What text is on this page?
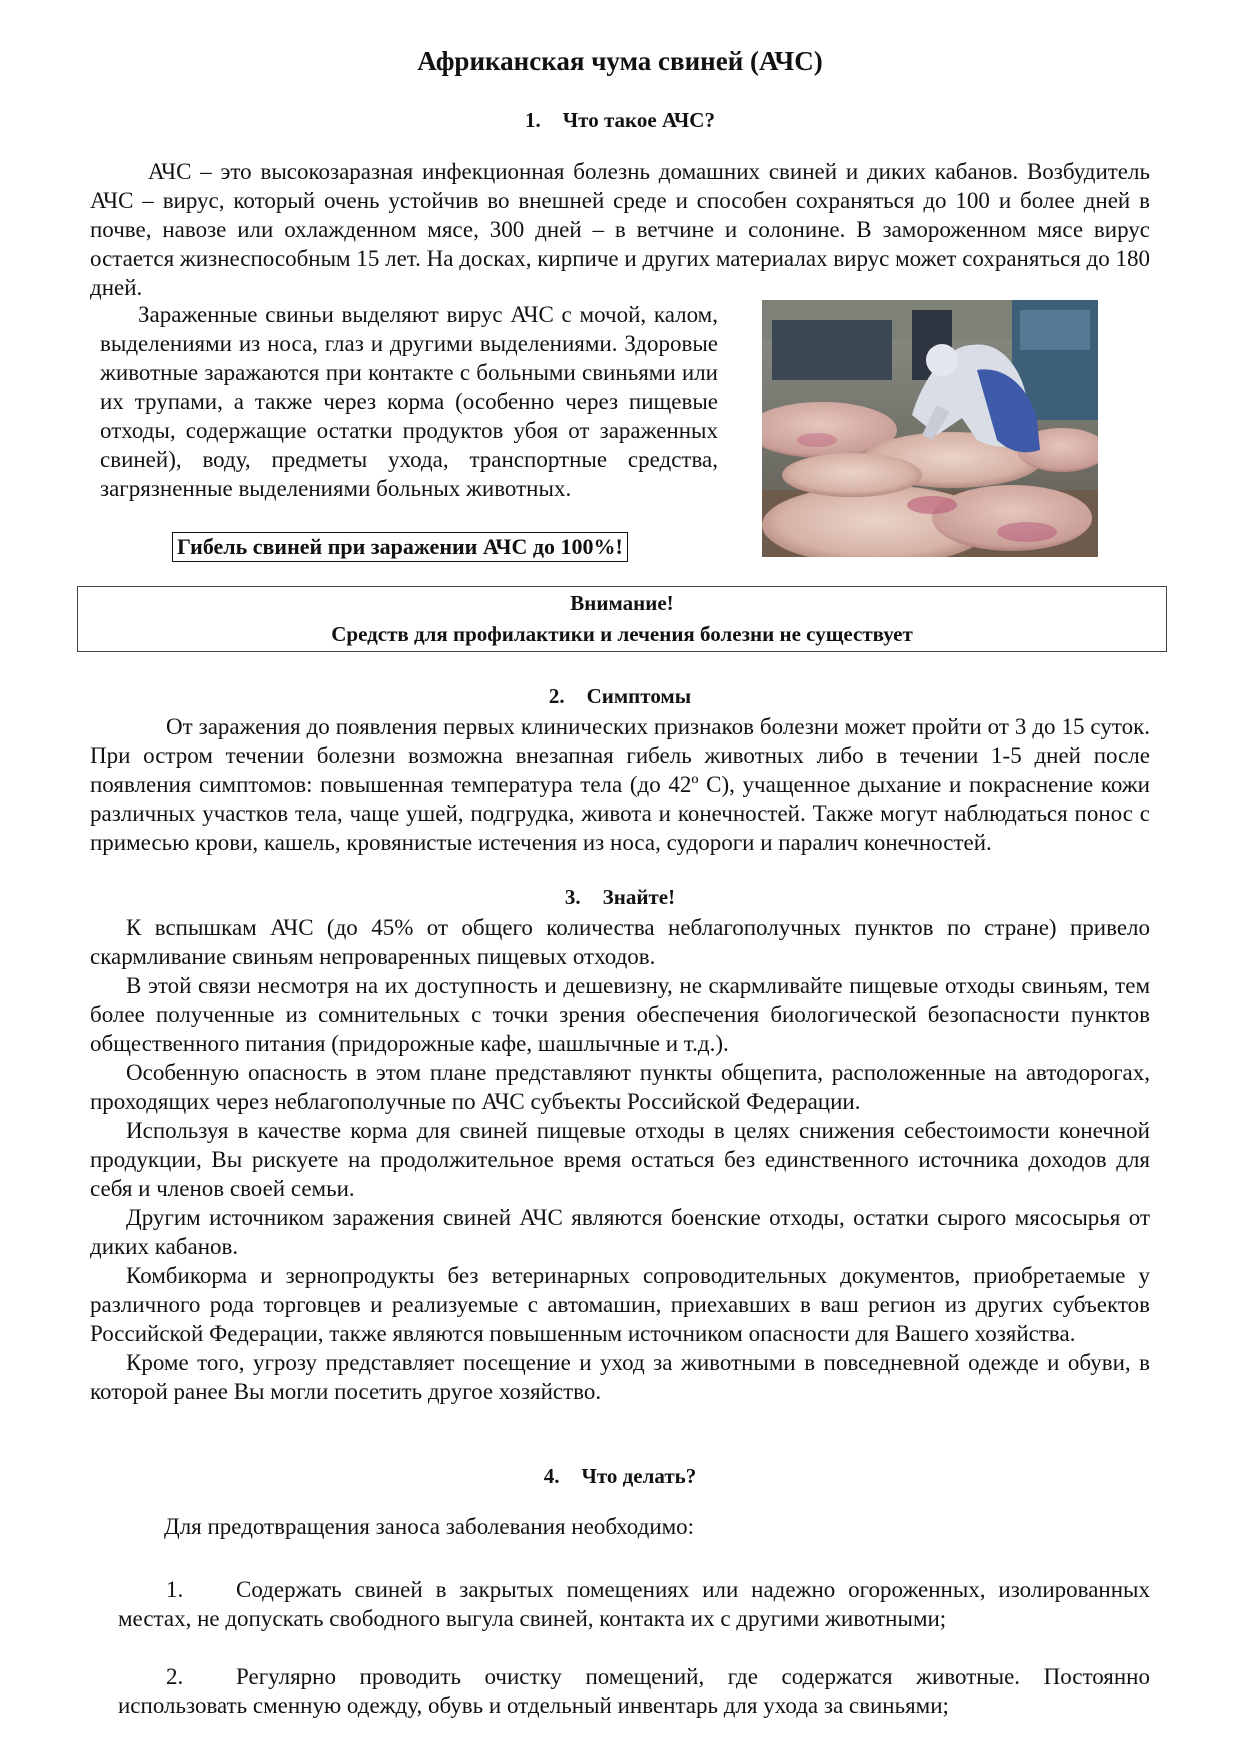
Африканская чума свиней (АЧС)
1. Что такое АЧС?

АЧС – это высокозаразная инфекционная болезнь домашних свиней и диких кабанов. Возбудитель АЧС – вирус, который очень устойчив во внешней среде и способен сохраняться до 100 и более дней в почве, навозе или охлажденном мясе, 300 дней – в ветчине и солонине. В замороженном мясе вирус остается жизнеспособным 15 лет. На досках, кирпиче и других материалах вирус может сохраняться до 180 дней.

Зараженные свиньи выделяют вирус АЧС с мочой, калом, выделениями из носа, глаз и другими выделениями. Здоровые животные заражаются при контакте с больными свиньями или их трупами, а также через корма (особенно через пищевые отходы, содержащие остатки продуктов убоя от зараженных свиней), воду, предметы ухода, транспортные средства, загрязненные выделениями больных животных.

Гибель свиней при заражении АЧС до 100%!
Внимание!
Средств для профилактики и лечения болезни не существует
2. Симптомы

От заражения до появления первых клинических признаков болезни может пройти от 3 до 15 суток. При остром течении болезни возможна внезапная гибель животных либо в течении 1-5 дней после появления симптомов: повышенная температура тела (до 42º С), учащенное дыхание и покраснение кожи различных участков тела, чаще ушей, подгрудка, живота и конечностей. Также могут наблюдаться понос с примесью крови, кашель, кровянистые истечения из носа, судороги и паралич конечностей.

3. Знайте!

К вспышкам АЧС (до 45% от общего количества неблагополучных пунктов по стране) привело скармливание свиньям непроваренных пищевых отходов.

В этой связи несмотря на их доступность и дешевизну, не скармливайте пищевые отходы свиньям, тем более полученные из сомнительных с точки зрения обеспечения биологической безопасности пунктов общественного питания (придорожные кафе, шашлычные и т.д.).

Особенную опасность в этом плане представляют пункты общепита, расположенные на автодорогах, проходящих через неблагополучные по АЧС субъекты Российской Федерации.

Используя в качестве корма для свиней пищевые отходы в целях снижения себестоимости конечной продукции, Вы рискуете на продолжительное время остаться без единственного источника доходов для себя и членов своей семьи.

Другим источником заражения свиней АЧС являются боенские отходы, остатки сырого мясосырья от диких кабанов.

Комбикорма и зернопродукты без ветеринарных сопроводительных документов, приобретаемые у различного рода торговцев и реализуемые с автомашин, приехавших в ваш регион из других субъектов Российской Федерации, также являются повышенным источником опасности для Вашего хозяйства.

Кроме того, угрозу представляет посещение и уход за животными в повседневной одежде и обуви, в которой ранее Вы могли посетить другое хозяйство.

4. Что делать?

Для предотвращения заноса заболевания необходимо:

1. Содержать свиней в закрытых помещениях или надежно огороженных, изолированных местах, не допускать свободного выгула свиней, контакта их с другими животными;

2. Регулярно проводить очистку помещений, где содержатся животные. Постоянно использовать сменную одежду, обувь и отдельный инвентарь для ухода за свиньями;
